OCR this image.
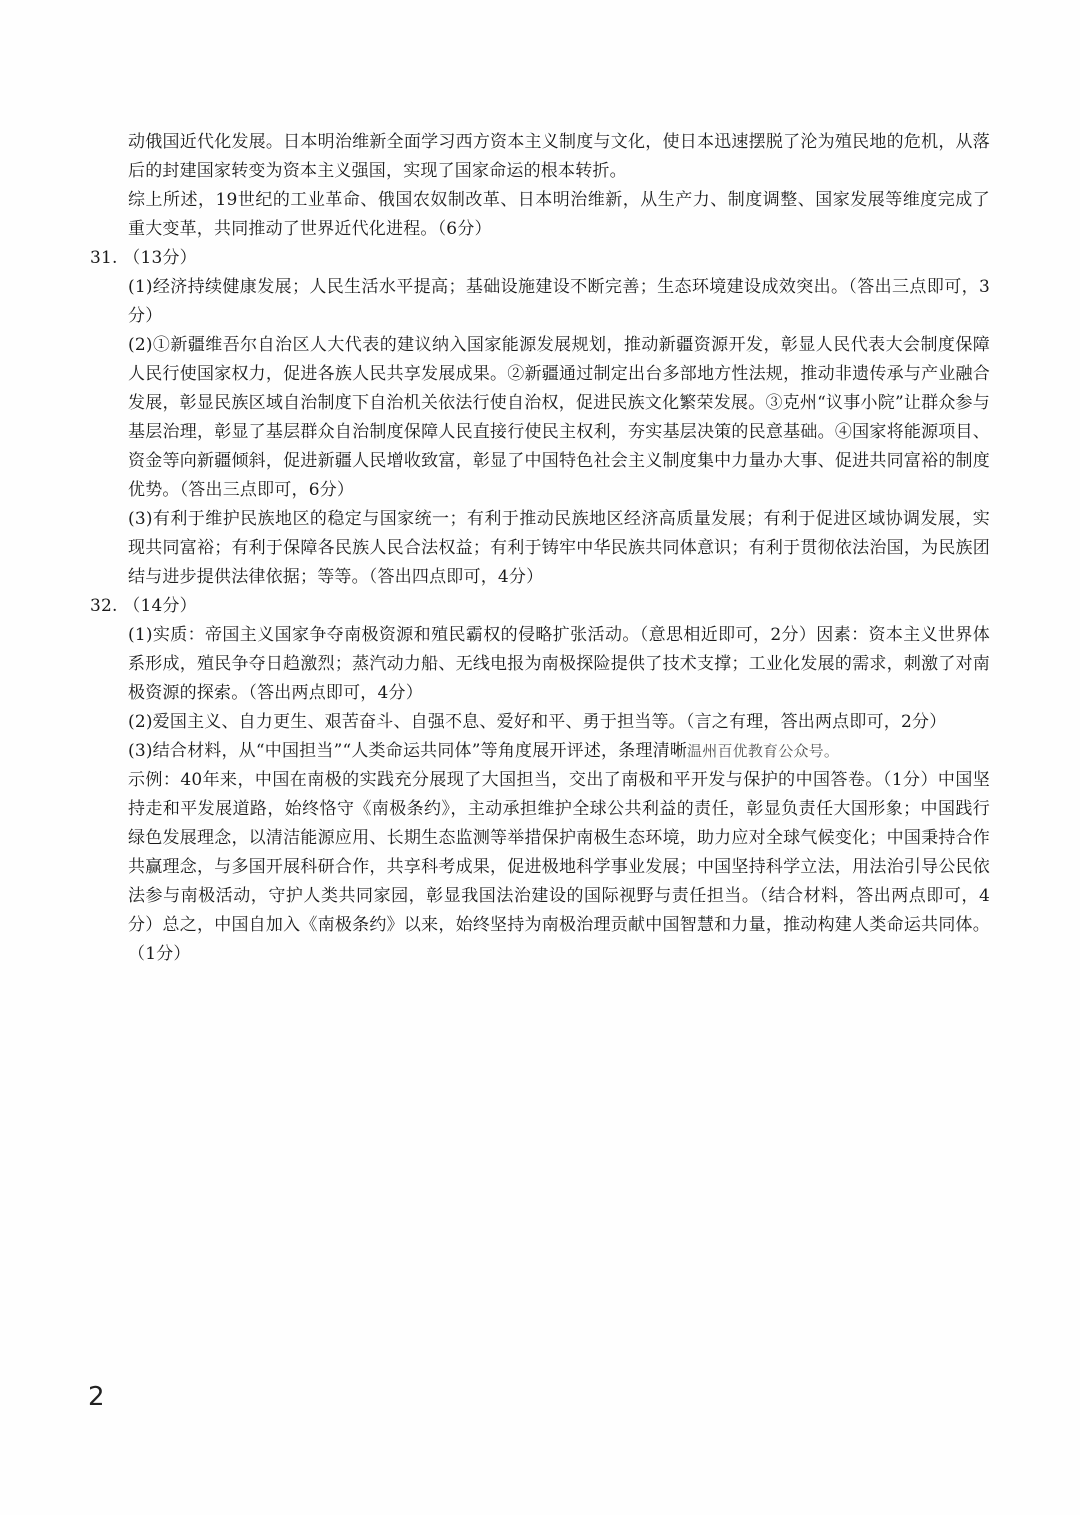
动俄国近代化发展。日本明治维新全面学习西方资本主义制度与文化，使日本迅速摆脱了沦为殖民地的危机，从落后的封建国家转变为资本主义强国，实现了国家命运的根本转折。

综上所述，19世纪的工业革命、俄国农奴制改革、日本明治维新，从生产力、制度调整、国家发展等维度完成了重大变革，共同推动了世界近代化进程。（6分）

31. （13分）

(1)经济持续健康发展；人民生活水平提高；基础设施建设不断完善；生态环境建设成效突出。（答出三点即可，3分）

(2)①新疆维吾尔自治区人大代表的建议纳入国家能源发展规划，推动新疆资源开发，彰显人民代表大会制度保障人民行使国家权力，促进各族人民共享发展成果。②新疆通过制定出台多部地方性法规，推动非遗传承与产业融合发展，彰显民族区域自治制度下自治机关依法行使自治权，促进民族文化繁荣发展。③克州“议事小院”让群众参与基层治理，彰显了基层群众自治制度保障人民直接行使民主权利，夯实基层决策的民意基础。④国家将能源项目、资金等向新疆倾斜，促进新疆人民增收致富，彰显了中国特色社会主义制度集中力量办大事、促进共同富裕的制度优势。（答出三点即可，6分）

(3)有利于维护民族地区的稳定与国家统一；有利于推动民族地区经济高质量发展；有利于促进区域协调发展，实现共同富裕；有利于保障各民族人民合法权益；有利于铸牢中华民族共同体意识；有利于贯彻依法治国，为民族团结与进步提供法律依据；等等。（答出四点即可，4分）

32. （14分）

(1)实质：帝国主义国家争夺南极资源和殖民霸权的侵略扩张活动。（意思相近即可，2分）因素：资本主义世界体系形成，殖民争夺日趋激烈；蒸汽动力船、无线电报为南极探险提供了技术支撑；工业化发展的需求，刺激了对南极资源的探索。（答出两点即可，4分）

(2)爱国主义、自力更生、艰苦奋斗、自强不息、爱好和平、勇于担当等。（言之有理，答出两点即可，2分）

(3)结合材料，从“中国担当”“人类命运共同体”等角度展开评述，条理清晰温州百优教育公众号。

示例：40年来，中国在南极的实践充分展现了大国担当，交出了南极和平开发与保护的中国答卷。（1分）中国坚持走和平发展道路，始终恪守《南极条约》，主动承担维护全球公共利益的责任，彰显负责任大国形象；中国践行绿色发展理念，以清洁能源应用、长期生态监测等举措保护南极生态环境，助力应对全球气候变化；中国秉持合作共赢理念，与多国开展科研合作，共享科考成果，促进极地科学事业发展；中国坚持科学立法，用法治引导公民依法参与南极活动，守护人类共同家园，彰显我国法治建设的国际视野与责任担当。（结合材料，答出两点即可，4分）总之，中国自加入《南极条约》以来，始终坚持为南极治理贡献中国智慧和力量，推动构建人类命运共同体。（1分）

2
